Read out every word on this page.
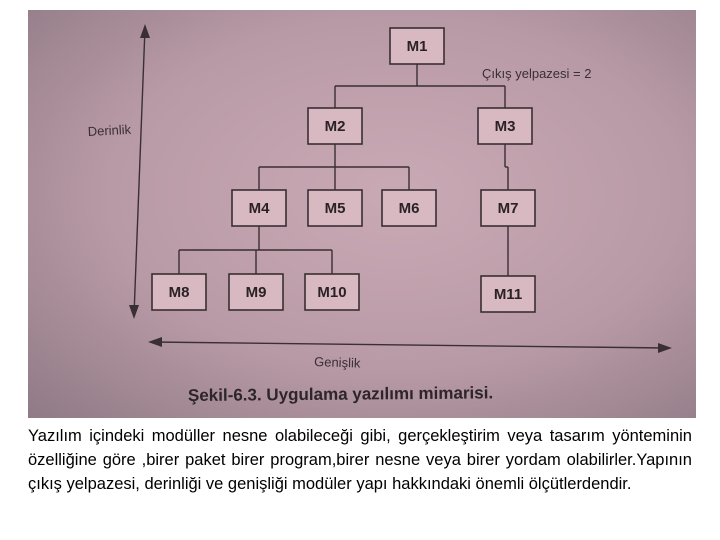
Derinlik
Genişlik
Çıkış yelpazesi = 2
M1
M2	M3
M4	M5	M6	M7
M8	M9	M10	M11
Şekil-6.3. Uygulama yazılımı mimarisi.

Yazılım içindeki modüller nesne olabileceği gibi, gerçekleştirim veya tasarım yönteminin özelliğine göre ,birer paket birer program,birer nesne veya birer yordam olabilirler.Yapının çıkış yelpazesi, derinliği ve genişliği modüler yapı hakkındaki önemli ölçütlerdendir.
